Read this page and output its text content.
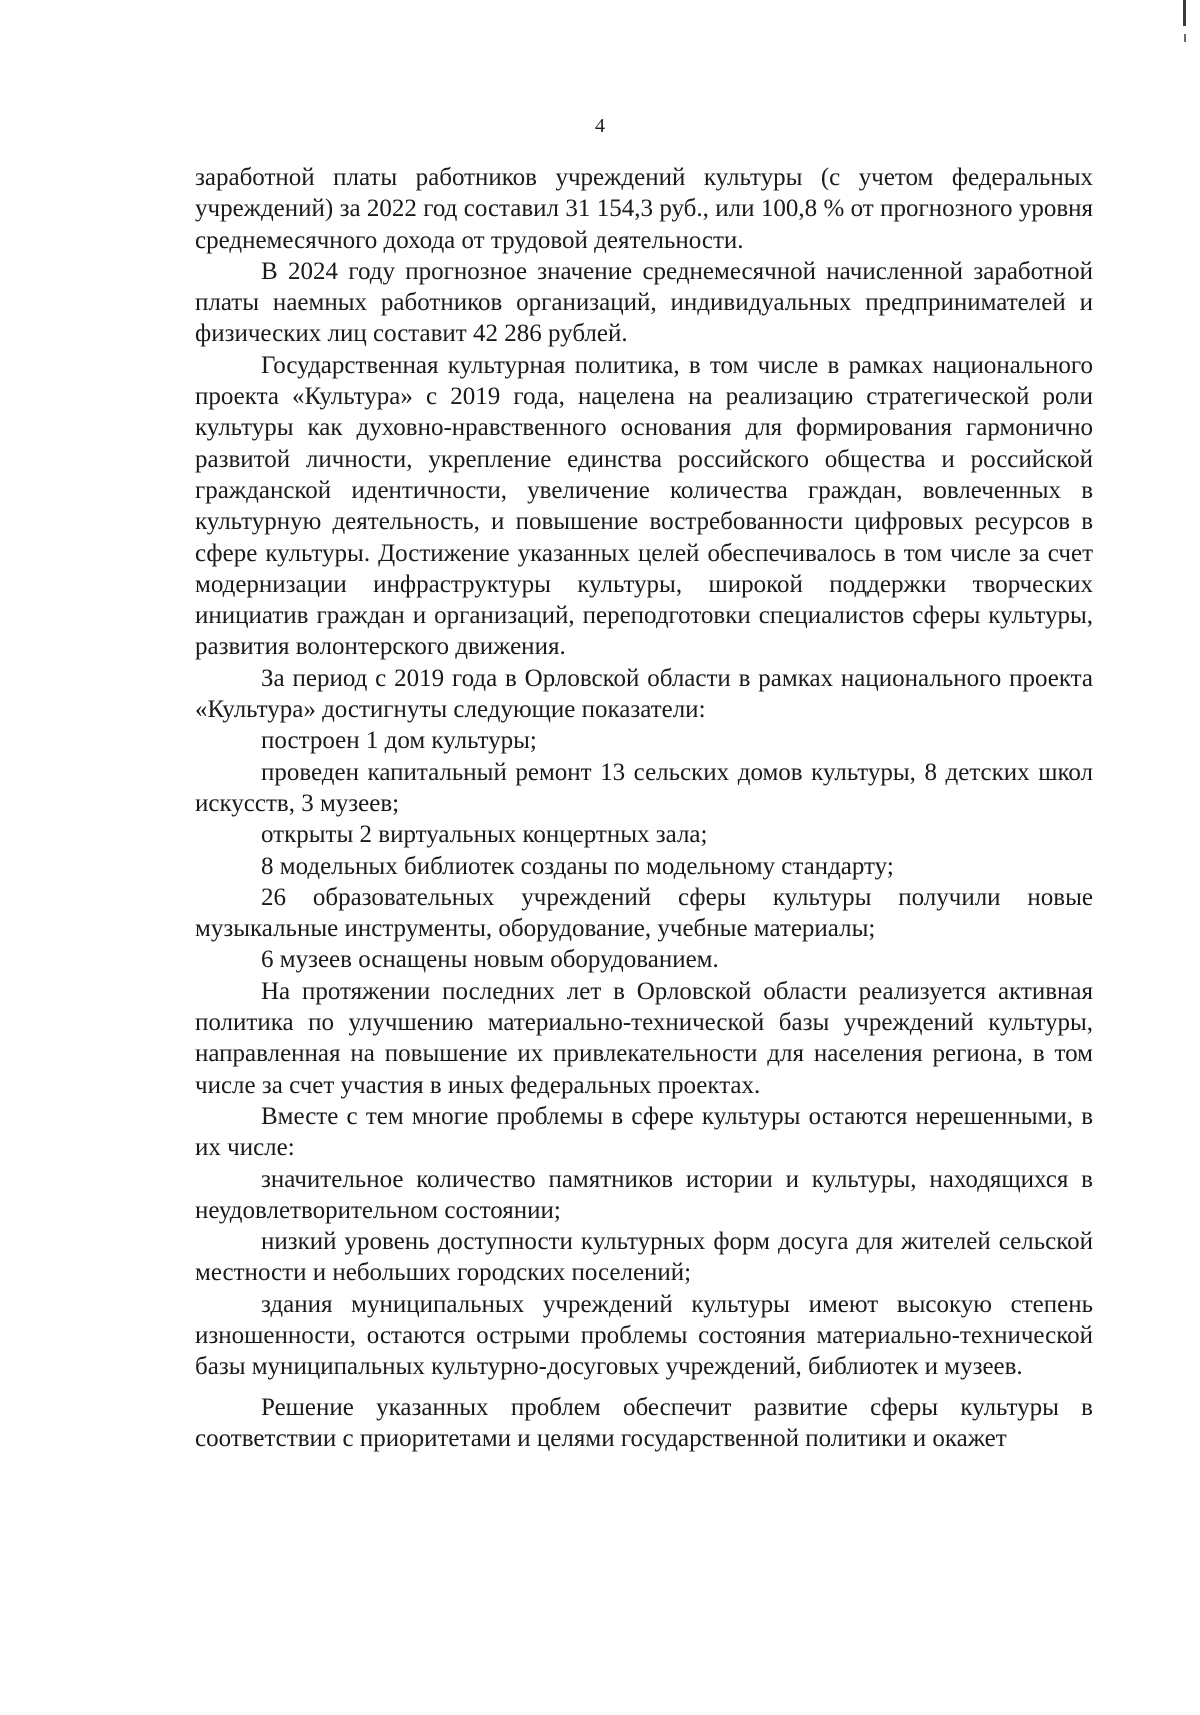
4

заработной платы работников учреждений культуры (с учетом федеральных учреждений) за 2022 год составил 31 154,3 руб., или 100,8 % от прогнозного уровня среднемесячного дохода от трудовой деятельности.

В 2024 году прогнозное значение среднемесячной начисленной заработной платы наемных работников организаций, индивидуальных предпринимателей и физических лиц составит 42 286 рублей.

Государственная культурная политика, в том числе в рамках национального проекта «Культура» с 2019 года, нацелена на реализацию стратегической роли культуры как духовно-нравственного основания для формирования гармонично развитой личности, укрепление единства российского общества и российской гражданской идентичности, увеличение количества граждан, вовлеченных в культурную деятельность, и повышение востребованности цифровых ресурсов в сфере культуры. Достижение указанных целей обеспечивалось в том числе за счет модернизации инфраструктуры культуры, широкой поддержки творческих инициатив граждан и организаций, переподготовки специалистов сферы культуры, развития волонтерского движения.

За период с 2019 года в Орловской области в рамках национального проекта «Культура» достигнуты следующие показатели:

построен 1 дом культуры;

проведен капитальный ремонт 13 сельских домов культуры, 8 детских школ искусств, 3 музеев;

открыты 2 виртуальных концертных зала;

8 модельных библиотек созданы по модельному стандарту;

26 образовательных учреждений сферы культуры получили новые музыкальные инструменты, оборудование, учебные материалы;

6 музеев оснащены новым оборудованием.

На протяжении последних лет в Орловской области реализуется активная политика по улучшению материально-технической базы учреждений культуры, направленная на повышение их привлекательности для населения региона, в том числе за счет участия в иных федеральных проектах.

Вместе с тем многие проблемы в сфере культуры остаются нерешенными, в их числе:

значительное количество памятников истории и культуры, находящихся в неудовлетворительном состоянии;

низкий уровень доступности культурных форм досуга для жителей сельской местности и небольших городских поселений;

здания муниципальных учреждений культуры имеют высокую степень изношенности, остаются острыми проблемы состояния материально-технической базы муниципальных культурно-досуговых учреждений, библиотек и музеев.

Решение указанных проблем обеспечит развитие сферы культуры в соответствии с приоритетами и целями государственной политики и окажет
